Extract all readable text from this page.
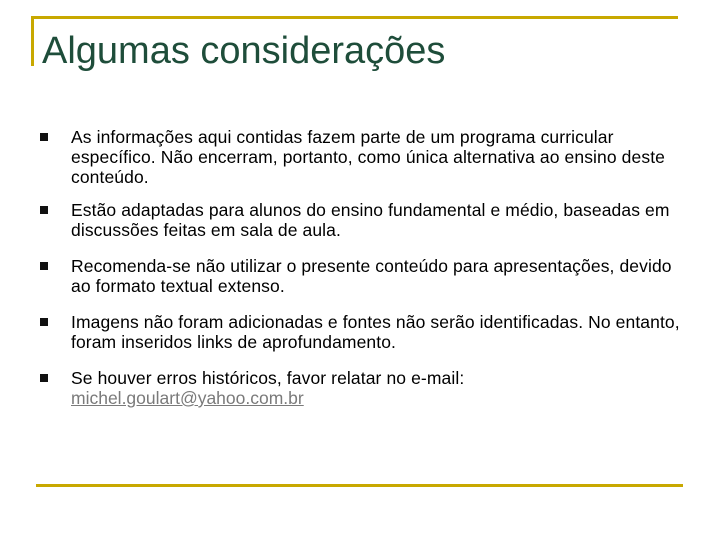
Algumas considerações
As informações aqui contidas fazem parte de um programa curricular específico. Não encerram, portanto, como única alternativa ao ensino deste conteúdo.
Estão adaptadas para alunos do ensino fundamental e médio, baseadas em discussões feitas em sala de aula.
Recomenda-se não utilizar o presente conteúdo para apresentações, devido ao formato textual extenso.
Imagens não foram adicionadas e fontes não serão identificadas. No entanto, foram inseridos links de aprofundamento.
Se houver erros históricos, favor relatar no e-mail:
michel.goulart@yahoo.com.br
